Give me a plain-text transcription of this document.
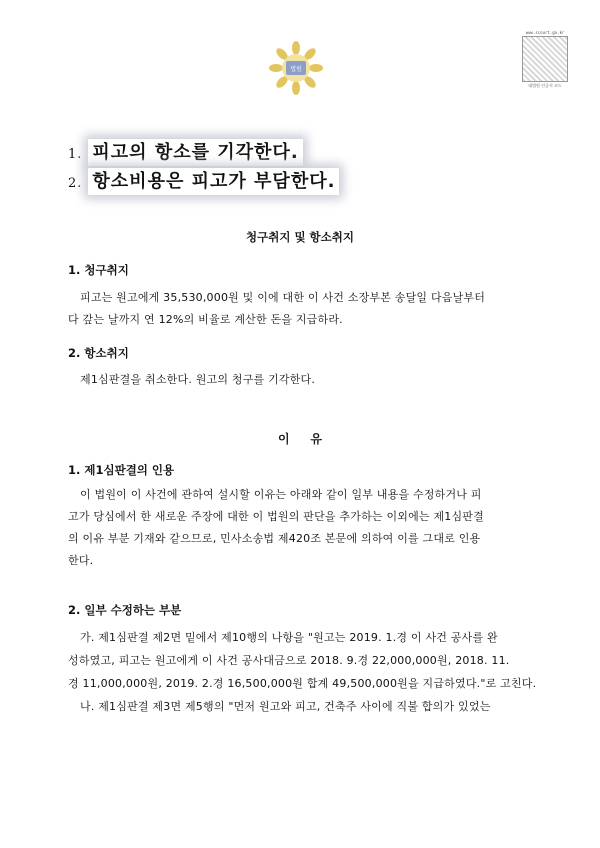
법원
www.scourt.go.kr
대법원 인증서 코드
1. 피고의 항소를 기각한다.
2. 항소비용은 피고가 부담한다.
청구취지 및 항소취지
1. 청구취지
피고는 원고에게 35,530,000원 및 이에 대한 이 사건 소장부본 송달일 다음날부터
다 갚는 날까지 연 12%의 비율로 계산한 돈을 지급하라.
2. 항소취지
제1심판결을 취소한다. 원고의 청구를 기각한다.
이     유
1. 제1심판결의 인용
이 법원이 이 사건에 관하여 설시할 이유는 아래와 같이 일부 내용을 수정하거나 피
고가 당심에서 한 새로운 주장에 대한 이 법원의 판단을 추가하는 이외에는 제1심판결
의 이유 부분 기재와 같으므로, 민사소송법 제420조 본문에 의하여 이를 그대로 인용
한다.
2. 일부 수정하는 부분
가. 제1심판결 제2면 밑에서 제10행의 나항을 "원고는 2019. 1.경 이 사건 공사를 완
성하였고, 피고는 원고에게 이 사건 공사대금으로 2018. 9.경 22,000,000원, 2018. 11.
경 11,000,000원, 2019. 2.경 16,500,000원 합계 49,500,000원을 지급하였다."로 고친다.
나. 제1심판결 제3면 제5행의 "먼저 원고와 피고, 건축주 사이에 직불 합의가 있었는
